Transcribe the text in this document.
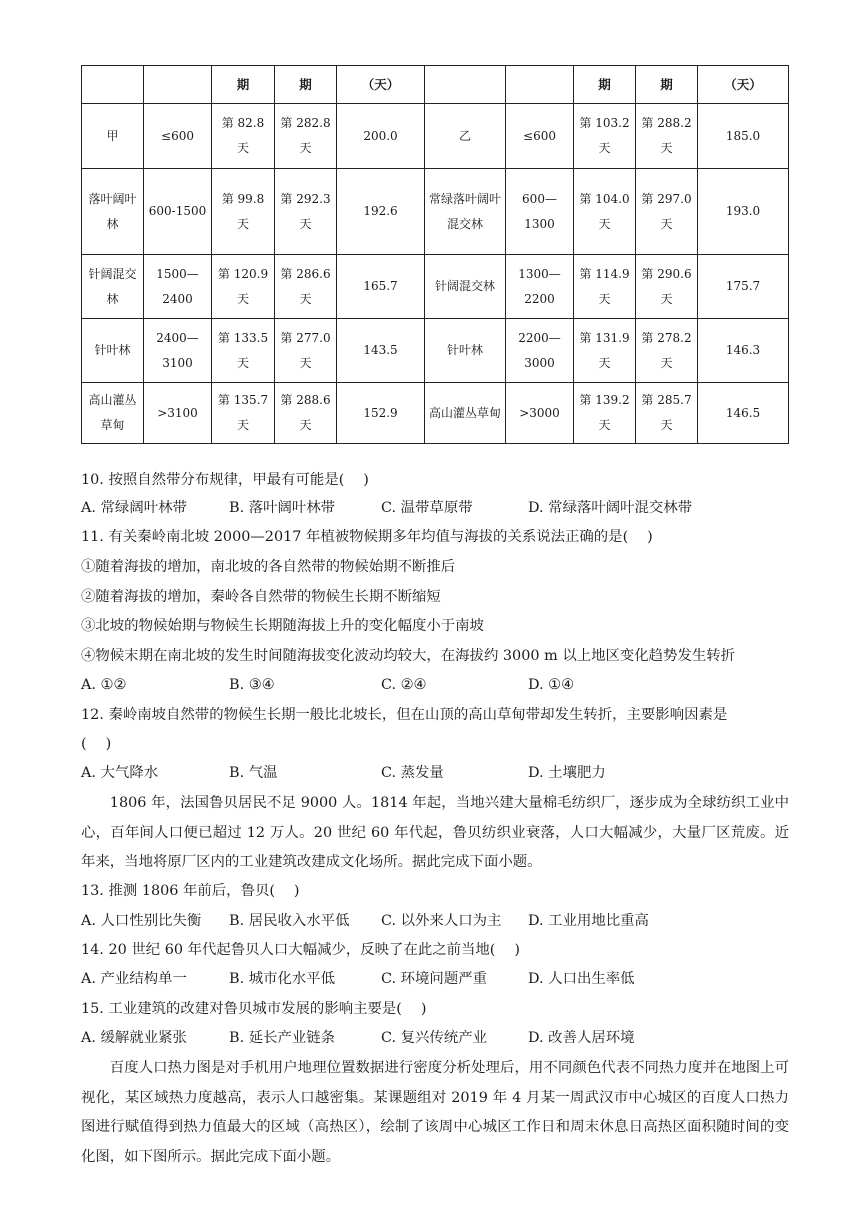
		期	期	（天）			期	期	（天）
甲	≤600	第 82.8 天	第 282.8 天	200.0	乙	≤600	第 103.2 天	第 288.2 天	185.0
落叶阔叶林	600-1500	第 99.8 天	第 292.3 天	192.6	常绿落叶阔叶混交林	600—1300	第 104.0 天	第 297.0 天	193.0
针阔混交林	1500—2400	第 120.9 天	第 286.6 天	165.7	针阔混交林	1300—2200	第 114.9 天	第 290.6 天	175.7
针叶林	2400—3100	第 133.5 天	第 277.0 天	143.5	针叶林	2200—3000	第 131.9 天	第 278.2 天	146.3
高山灌丛草甸	>3100	第 135.7 天	第 288.6 天	152.9	高山灌丛草甸	>3000	第 139.2 天	第 285.7 天	146.5
10. 按照自然带分布规律，甲最有可能是(　 )
A. 常绿阔叶林带	B. 落叶阔叶林带	C. 温带草原带	D. 常绿落叶阔叶混交林带
11. 有关秦岭南北坡 2000—2017 年植被物候期多年均值与海拔的关系说法正确的是(　 )
①随着海拔的增加，南北坡的各自然带的物候始期不断推后
②随着海拔的增加，秦岭各自然带的物候生长期不断缩短
③北坡的物候始期与物候生长期随海拔上升的变化幅度小于南坡
④物候末期在南北坡的发生时间随海拔变化波动均较大，在海拔约 3000 m 以上地区变化趋势发生转折
A. ①②	B. ③④	C. ②④	D. ①④
12. 秦岭南坡自然带的物候生长期一般比北坡长，但在山顶的高山草甸带却发生转折，主要影响因素是
(　 )
A. 大气降水	B. 气温	C. 蒸发量	D. 土壤肥力
1806 年，法国鲁贝居民不足 9000 人。1814 年起，当地兴建大量棉毛纺织厂，逐步成为全球纺织工业中心，百年间人口便已超过 12 万人。20 世纪 60 年代起，鲁贝纺织业衰落，人口大幅减少，大量厂区荒废。近年来，当地将原厂区内的工业建筑改建成文化场所。据此完成下面小题。
13. 推测 1806 年前后，鲁贝(　 )
A. 人口性别比失衡 B. 居民收入水平低 C. 以外来人口为主 D. 工业用地比重高
14. 20 世纪 60 年代起鲁贝人口大幅减少，反映了在此之前当地(　 )
A. 产业结构单一	B. 城市化水平低	C. 环境问题严重	D. 人口出生率低
15. 工业建筑的改建对鲁贝城市发展的影响主要是(　 )
A. 缓解就业紧张	B. 延长产业链条	C. 复兴传统产业	D. 改善人居环境
百度人口热力图是对手机用户地理位置数据进行密度分析处理后，用不同颜色代表不同热力度并在地图上可视化，某区域热力度越高，表示人口越密集。某课题组对 2019 年 4 月某一周武汉市中心城区的百度人口热力图进行赋值得到热力值最大的区域（高热区），绘制了该周中心城区工作日和周末休息日高热区面积随时间的变化图，如下图所示。据此完成下面小题。
